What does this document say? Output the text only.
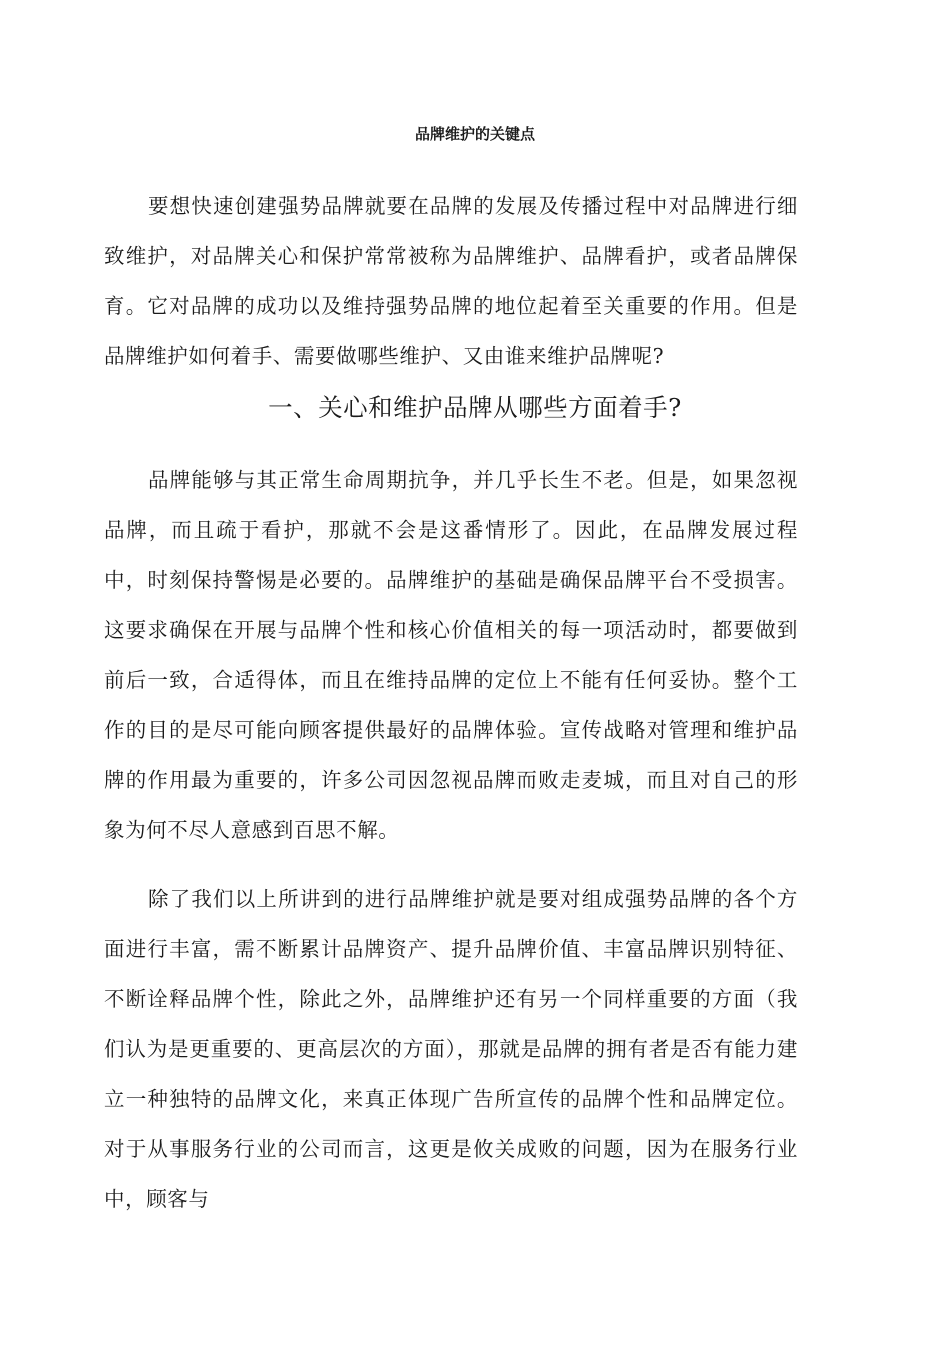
品牌维护的关键点

要想快速创建强势品牌就要在品牌的发展及传播过程中对品牌进行细致维护，对品牌关心和保护常常被称为品牌维护、品牌看护，或者品牌保育。它对品牌的成功以及维持强势品牌的地位起着至关重要的作用。但是品牌维护如何着手、需要做哪些维护、又由谁来维护品牌呢?

一、关心和维护品牌从哪些方面着手?

品牌能够与其正常生命周期抗争，并几乎长生不老。但是，如果忽视品牌，而且疏于看护，那就不会是这番情形了。因此，在品牌发展过程中，时刻保持警惕是必要的。品牌维护的基础是确保品牌平台不受损害。这要求确保在开展与品牌个性和核心价值相关的每一项活动时，都要做到前后一致，合适得体，而且在维持品牌的定位上不能有任何妥协。整个工作的目的是尽可能向顾客提供最好的品牌体验。宣传战略对管理和维护品牌的作用最为重要的，许多公司因忽视品牌而败走麦城，而且对自己的形象为何不尽人意感到百思不解。

除了我们以上所讲到的进行品牌维护就是要对组成强势品牌的各个方面进行丰富，需不断累计品牌资产、提升品牌价值、丰富品牌识别特征、不断诠释品牌个性，除此之外，品牌维护还有另一个同样重要的方面（我们认为是更重要的、更高层次的方面），那就是品牌的拥有者是否有能力建立一种独特的品牌文化，来真正体现广告所宣传的品牌个性和品牌定位。对于从事服务行业的公司而言，这更是攸关成败的问题，因为在服务行业中，顾客与
